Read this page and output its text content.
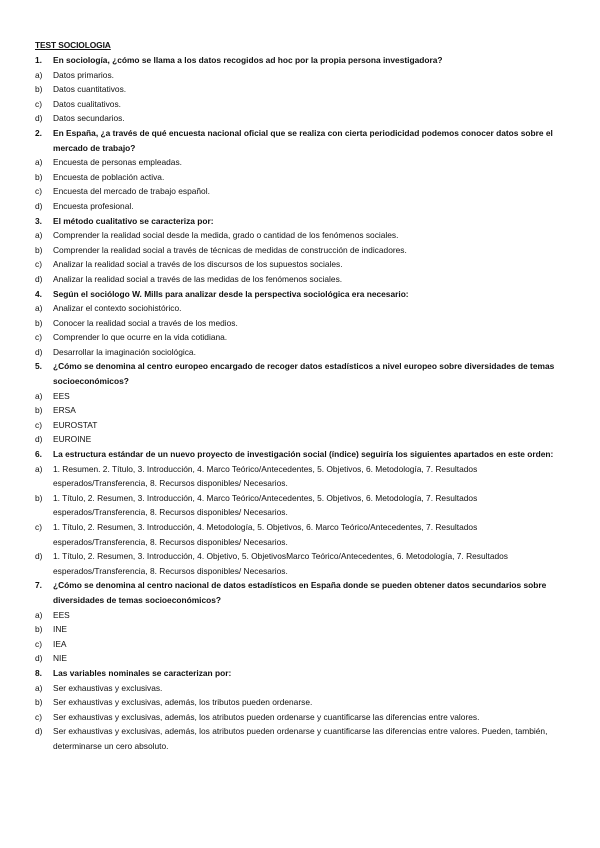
TEST SOCIOLOGIA
1.	En sociología, ¿cómo se llama a los datos recogidos ad hoc por la propia persona investigadora?
a)	Datos primarios.
b)	Datos cuantitativos.
c)	Datos cualitativos.
d)	Datos secundarios.
2.	En España, ¿a través de qué encuesta nacional oficial que se realiza con cierta periodicidad podemos conocer datos sobre el mercado de trabajo?
a)	Encuesta de personas empleadas.
b)	Encuesta de población activa.
c)	Encuesta del mercado de trabajo español.
d)	Encuesta profesional.
3.	El método cualitativo se caracteriza por:
a)	Comprender la realidad social desde la medida, grado o cantidad de los fenómenos sociales.
b)	Comprender la realidad social a través de técnicas de medidas de construcción de indicadores.
c)	Analizar la realidad social a través de los discursos de los supuestos sociales.
d)	Analizar la realidad social a través de las medidas de los fenómenos sociales.
4.	Según el sociólogo W. Mills para analizar desde la perspectiva sociológica era necesario:
a)	Analizar el contexto sociohistórico.
b)	Conocer la realidad social a través de los medios.
c)	Comprender lo que ocurre en la vida cotidiana.
d)	Desarrollar la imaginación sociológica.
5.	¿Cómo se denomina al centro europeo encargado de recoger datos estadísticos a nivel europeo sobre diversidades de temas socioeconómicos?
a)	EES
b)	ERSA
c)	EUROSTAT
d)	EUROINE
6.	La estructura estándar de un nuevo proyecto de investigación social (índice) seguiría los siguientes apartados en este orden:
a)	1. Resumen. 2. Título, 3. Introducción, 4. Marco Teórico/Antecedentes, 5. Objetivos, 6. Metodología, 7. Resultados esperados/Transferencia, 8. Recursos disponibles/ Necesarios.
b)	1. Título, 2. Resumen, 3. Introducción, 4. Marco Teórico/Antecedentes, 5. Objetivos, 6. Metodología, 7. Resultados esperados/Transferencia, 8. Recursos disponibles/ Necesarios.
c)	1. Título, 2. Resumen, 3. Introducción, 4. Metodología, 5. Objetivos, 6. Marco Teórico/Antecedentes, 7. Resultados esperados/Transferencia, 8. Recursos disponibles/ Necesarios.
d)	1. Título, 2. Resumen, 3. Introducción, 4. Objetivo, 5. ObjetivosMarco Teórico/Antecedentes, 6. Metodología, 7. Resultados esperados/Transferencia, 8. Recursos disponibles/ Necesarios.
7.	¿Cómo se denomina al centro nacional de datos estadísticos en España donde se pueden obtener datos secundarios sobre diversidades de temas socioeconómicos?
a)	EES
b)	INE
c)	IEA
d)	NIE
8.	Las variables nominales se caracterizan por:
a)	Ser exhaustivas y exclusivas.
b)	Ser exhaustivas y exclusivas, además, los tributos pueden ordenarse.
c)	Ser exhaustivas y exclusivas, además, los atributos pueden ordenarse y cuantificarse las diferencias entre valores.
d)	Ser exhaustivas y exclusivas, además, los atributos pueden ordenarse y cuantificarse las diferencias entre valores. Pueden, también, determinarse un cero absoluto.
